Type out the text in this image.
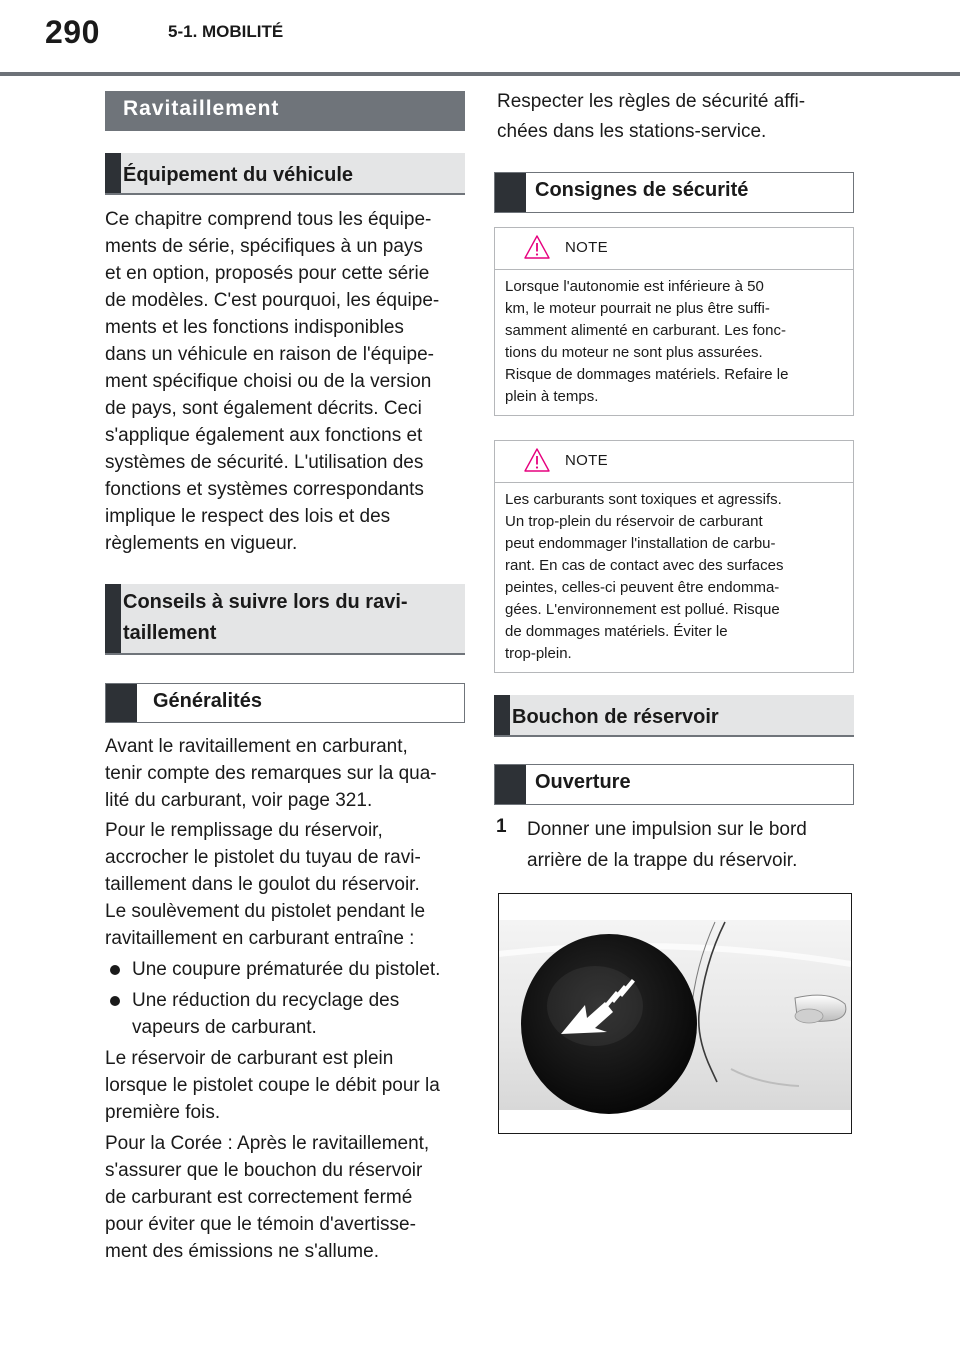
290	5-1. MOBILITÉ
Ravitaillement
Équipement du véhicule
Ce chapitre comprend tous les équipe-
ments de série, spécifiques à un pays
et en option, proposés pour cette série
de modèles. C'est pourquoi, les équipe-
ments et les fonctions indisponibles
dans un véhicule en raison de l'équipe-
ment spécifique choisi ou de la version
de pays, sont également décrits. Ceci
s'applique également aux fonctions et
systèmes de sécurité. L'utilisation des
fonctions et systèmes correspondants
implique le respect des lois et des
règlements en vigueur.
Conseils à suivre lors du ravi-
taillement
Généralités
Avant le ravitaillement en carburant,
tenir compte des remarques sur la qua-
lité du carburant, voir page 321.
Pour le remplissage du réservoir,
accrocher le pistolet du tuyau de ravi-
taillement dans le goulot du réservoir.
Le soulèvement du pistolet pendant le
ravitaillement en carburant entraîne :
Une coupure prématurée du pistolet.
Une réduction du recyclage des
vapeurs de carburant.
Le réservoir de carburant est plein
lorsque le pistolet coupe le débit pour la
première fois.
Pour la Corée : Après le ravitaillement,
s'assurer que le bouchon du réservoir
de carburant est correctement fermé
pour éviter que le témoin d'avertisse-
ment des émissions ne s'allume.
Respecter les règles de sécurité affi-
chées dans les stations-service.
Consignes de sécurité
NOTE
Lorsque l'autonomie est inférieure à 50
km, le moteur pourrait ne plus être suffi-
samment alimenté en carburant. Les fonc-
tions du moteur ne sont plus assurées.
Risque de dommages matériels. Refaire le
plein à temps.
NOTE
Les carburants sont toxiques et agressifs.
Un trop-plein du réservoir de carburant
peut endommager l'installation de carbu-
rant. En cas de contact avec des surfaces
peintes, celles-ci peuvent être endomma-
gées. L'environnement est pollué. Risque
de dommages matériels. Éviter le
trop-plein.
Bouchon de réservoir
Ouverture
1 Donner une impulsion sur le bord
arrière de la trappe du réservoir.
